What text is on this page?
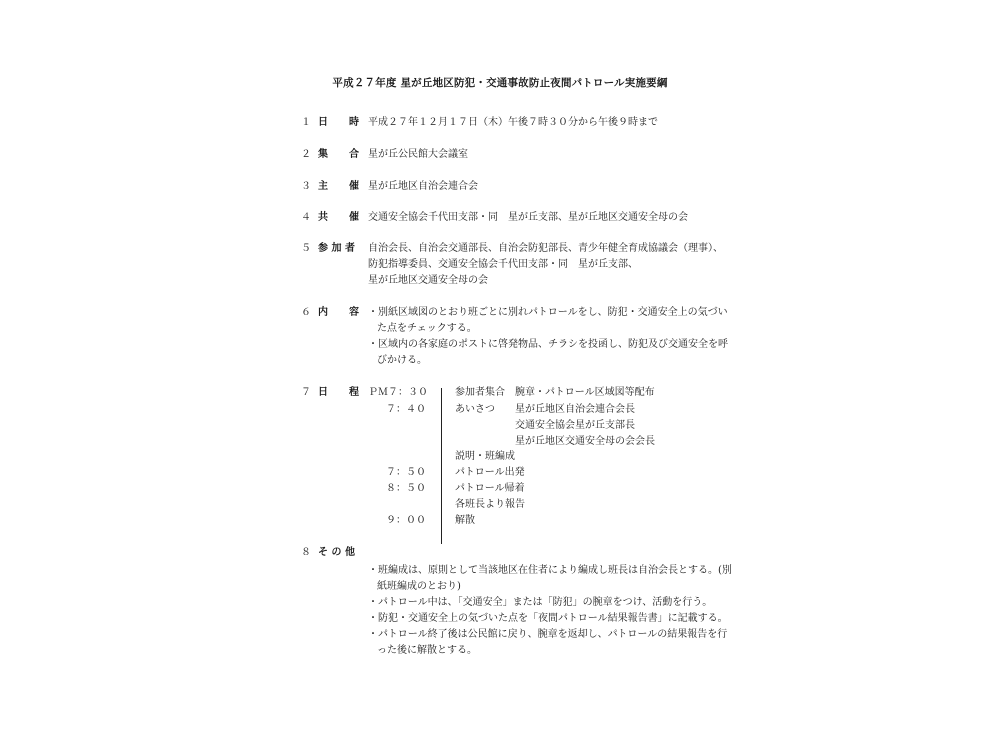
平成２７年度 星が丘地区防犯・交通事故防止夜間パトロール実施要綱
１ 日 時 平成２７年１２月１７日（木）午後７時３０分から午後９時まで
２ 集 合 星が丘公民館大会議室
３ 主 催 星が丘地区自治会連合会
４ 共 催 交通安全協会千代田支部・同　星が丘支部、星が丘地区交通安全母の会
５ 参 加 者 自治会長、自治会交通部長、自治会防犯部長、青少年健全育成協議会（理事）、
防犯指導委員、交通安全協会千代田支部・同　星が丘支部、
星が丘地区交通安全母の会
６ 内 容 ・別紙区域図のとおり班ごとに別れパトロールをし、防犯・交通安全上の気づい
た点をチェックする。
・区域内の各家庭のポストに啓発物品、チラシを投函し、防犯及び交通安全を呼
びかける。
７ 日 程 ＰＭ７：３０
７：４０
７：５０
８：５０
９：００
参加者集合　腕章・パトロール区域図等配布
あいさつ 星が丘地区自治会連合会長
交通安全協会星が丘支部長
星が丘地区交通安全母の会会長
説明・班編成
パトロール出発
パトロール帰着
各班長より報告
解散
８ そ の 他
・班編成は、原則として当該地区在住者により編成し班長は自治会長とする。(別
紙班編成のとおり)
・パトロール中は、「交通安全」または「防犯」の腕章をつけ、活動を行う。
・防犯・交通安全上の気づいた点を「夜間パトロール結果報告書」に記載する。
・パトロール終了後は公民館に戻り、腕章を返却し、パトロールの結果報告を行
った後に解散とする。
